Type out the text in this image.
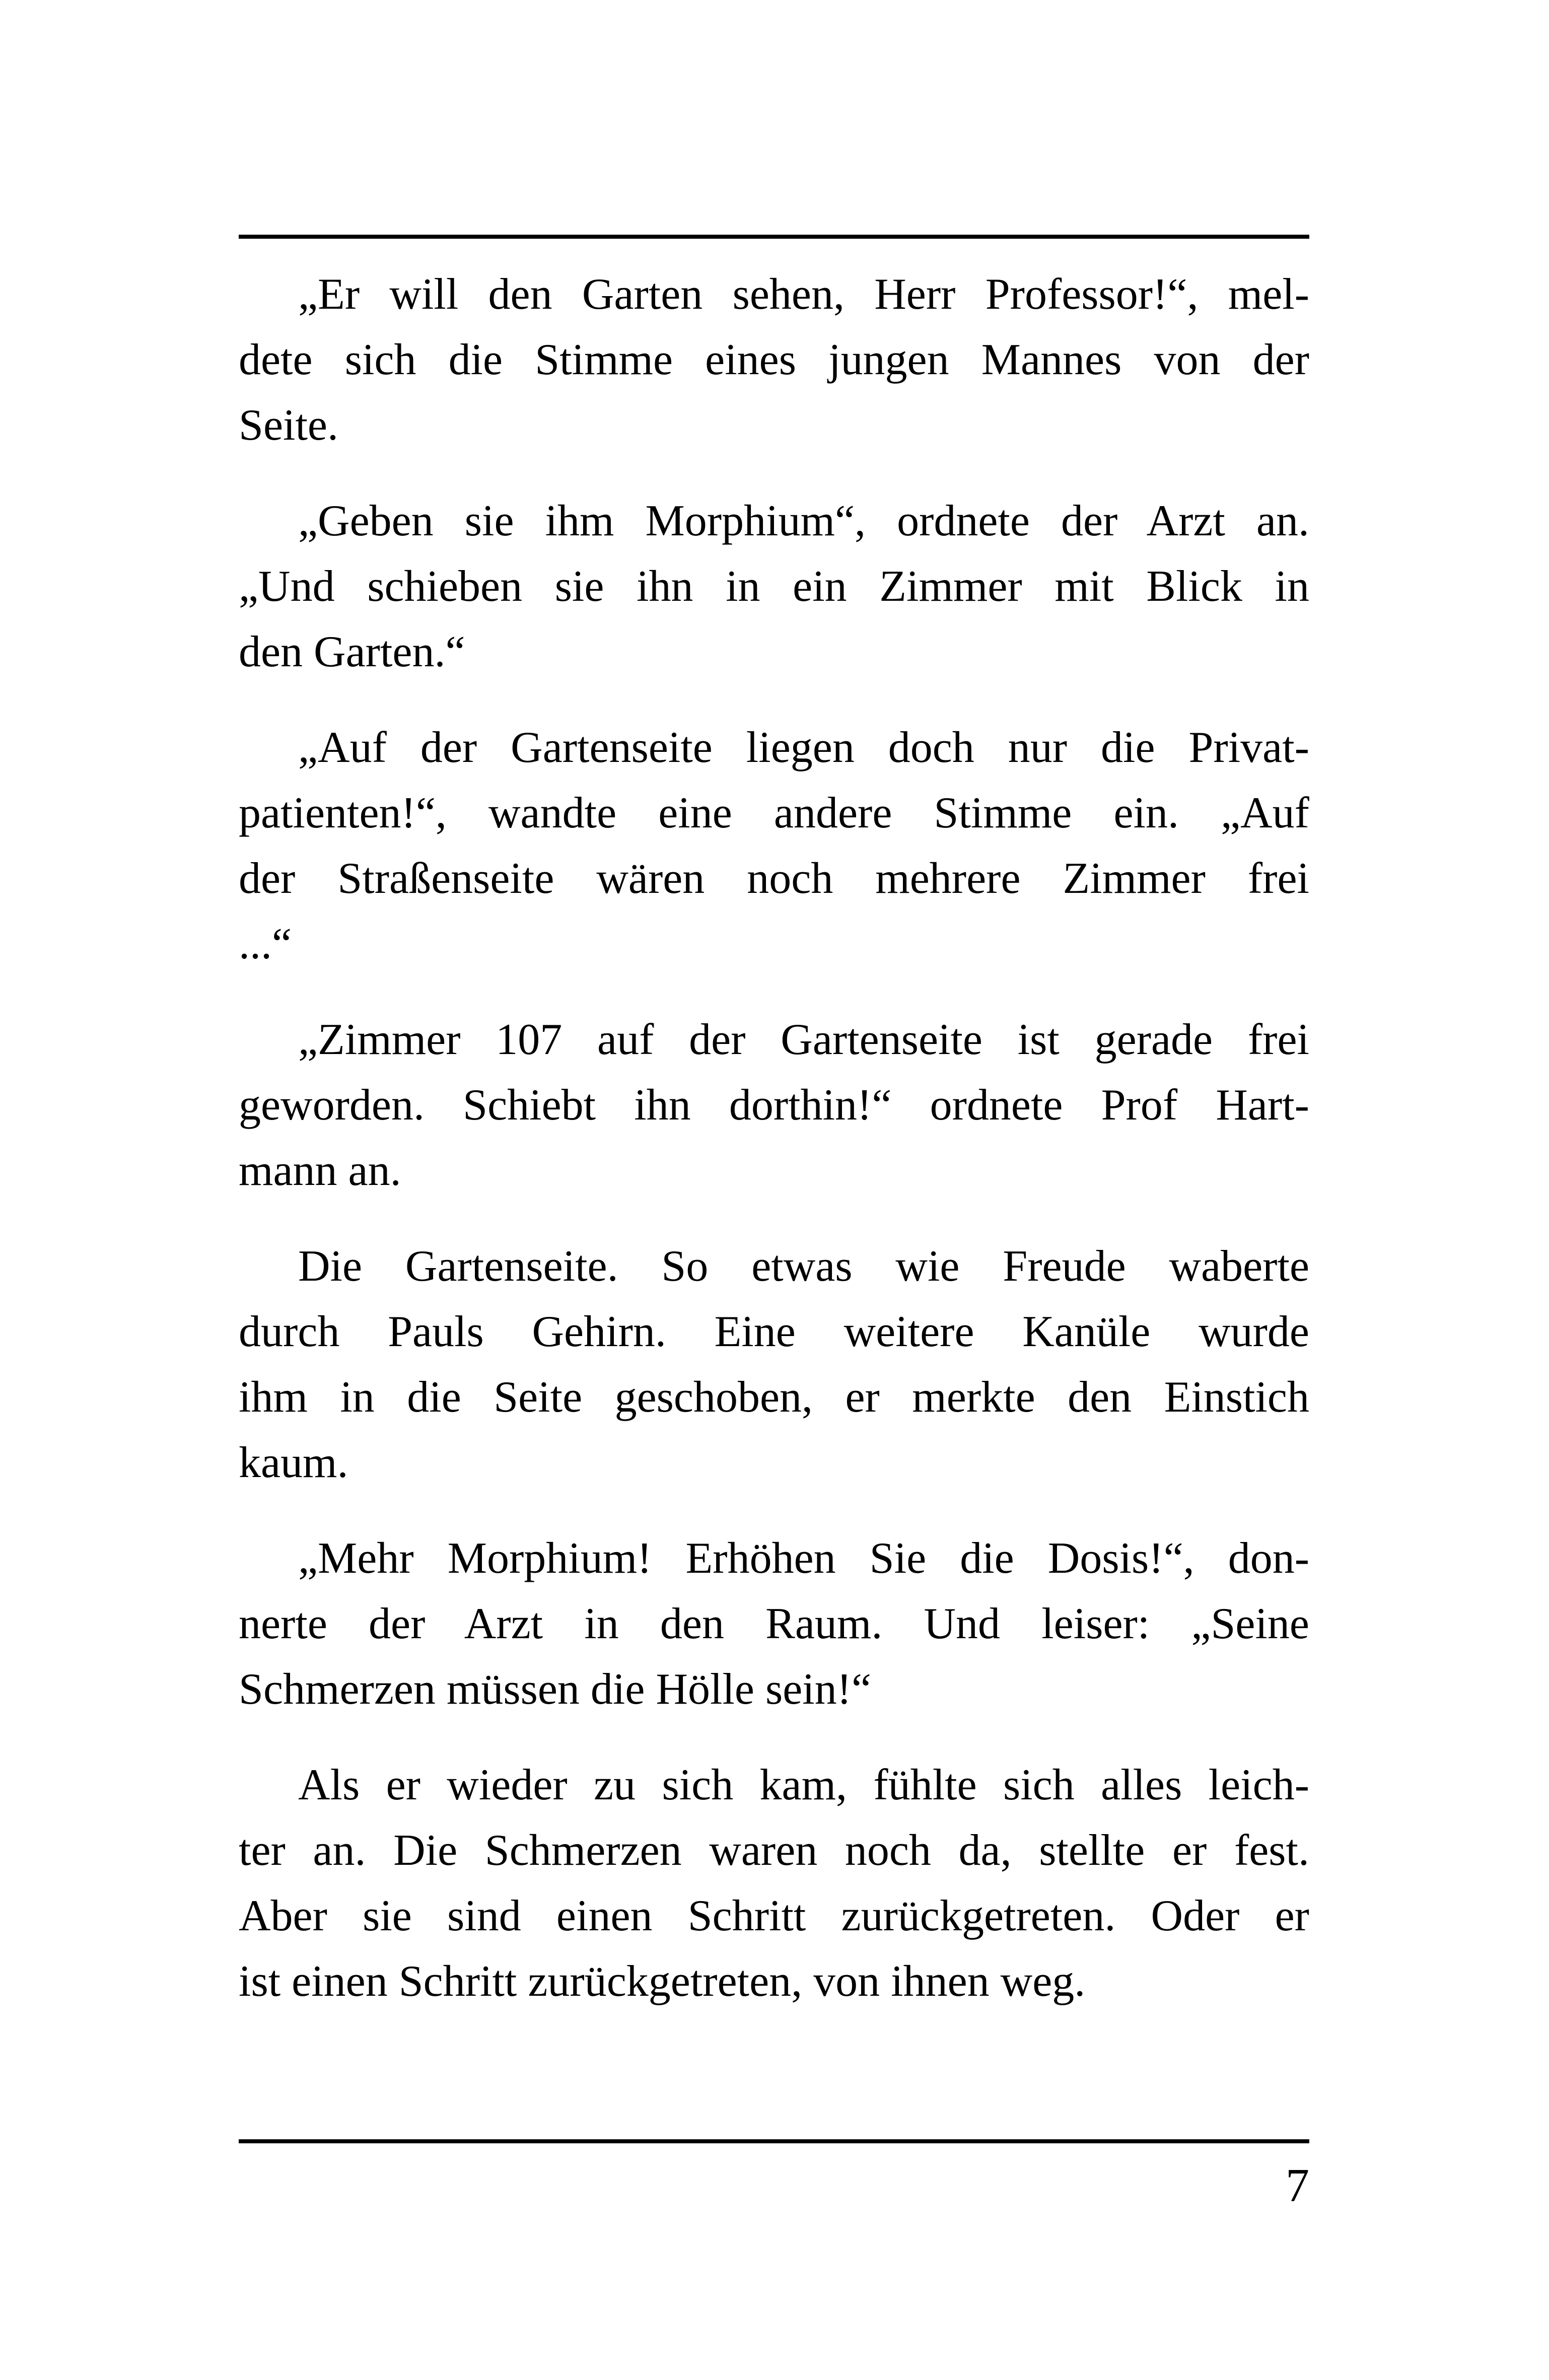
„Er will den Garten sehen, Herr Professor!“, mel-
dete sich die Stimme eines jungen Mannes von der
Seite.
„Geben sie ihm Morphium“, ordnete der Arzt an.
„Und schieben sie ihn in ein Zimmer mit Blick in
den Garten.“
„Auf der Gartenseite liegen doch nur die Privat-
patienten!“, wandte eine andere Stimme ein. „Auf
der Straßenseite wären noch mehrere Zimmer frei
...“
„Zimmer 107 auf der Gartenseite ist gerade frei
geworden. Schiebt ihn dorthin!“ ordnete Prof Hart-
mann an.
Die Gartenseite. So etwas wie Freude waberte
durch Pauls Gehirn. Eine weitere Kanüle wurde
ihm in die Seite geschoben, er merkte den Einstich
kaum.
„Mehr Morphium! Erhöhen Sie die Dosis!“, don-
nerte der Arzt in den Raum. Und leiser: „Seine
Schmerzen müssen die Hölle sein!“
Als er wieder zu sich kam, fühlte sich alles leich-
ter an. Die Schmerzen waren noch da, stellte er fest.
Aber sie sind einen Schritt zurückgetreten. Oder er
ist einen Schritt zurückgetreten, von ihnen weg.
7
